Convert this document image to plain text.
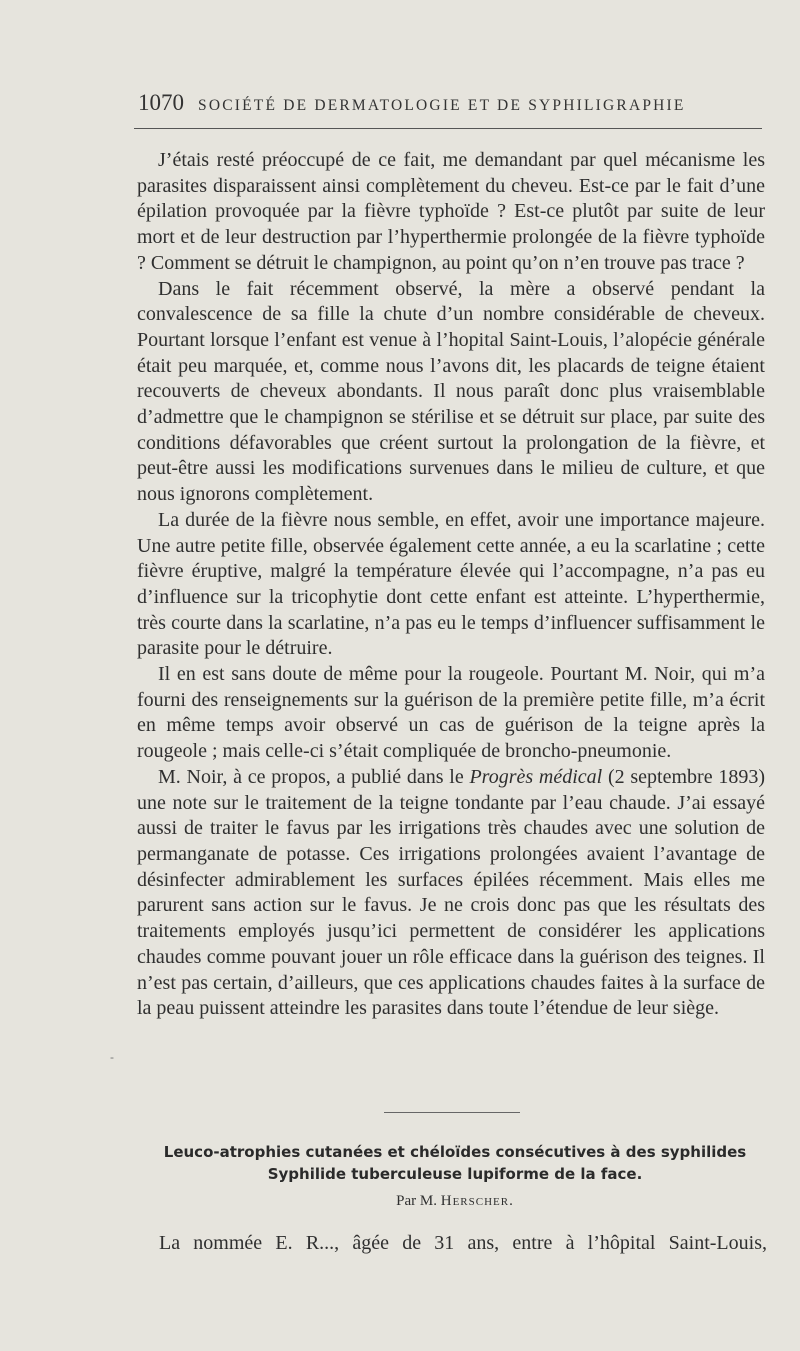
1070 SOCIÉTÉ DE DERMATOLOGIE ET DE SYPHILIGRAPHIE

J’étais resté préoccupé de ce fait, me demandant par quel mécanisme les parasites disparaissent ainsi complètement du cheveu. Est-ce par le fait d’une épilation provoquée par la fièvre typhoïde ? Est-ce plutôt par suite de leur mort et de leur destruction par l’hyperthermie prolongée de la fièvre typhoïde ? Comment se détruit le champignon, au point qu’on n’en trouve pas trace ?

Dans le fait récemment observé, la mère a observé pendant la convalescence de sa fille la chute d’un nombre considérable de cheveux. Pourtant lorsque l’enfant est venue à l’hopital Saint-Louis, l’alopécie générale était peu marquée, et, comme nous l’avons dit, les placards de teigne étaient recouverts de cheveux abondants. Il nous paraît donc plus vraisemblable d’admettre que le champignon se stérilise et se détruit sur place, par suite des conditions défavorables que créent surtout la prolongation de la fièvre, et peut-être aussi les modifications survenues dans le milieu de culture, et que nous ignorons complètement.

La durée de la fièvre nous semble, en effet, avoir une importance majeure. Une autre petite fille, observée également cette année, a eu la scarlatine ; cette fièvre éruptive, malgré la température élevée qui l’accompagne, n’a pas eu d’influence sur la tricophytie dont cette enfant est atteinte. L’hyperthermie, très courte dans la scarlatine, n’a pas eu le temps d’influencer suffisamment le parasite pour le détruire.

Il en est sans doute de même pour la rougeole. Pourtant M. Noir, qui m’a fourni des renseignements sur la guérison de la première petite fille, m’a écrit en même temps avoir observé un cas de guérison de la teigne après la rougeole ; mais celle-ci s’était compliquée de broncho-pneumonie.

M. Noir, à ce propos, a publié dans le Progrès médical (2 septembre 1893) une note sur le traitement de la teigne tondante par l’eau chaude. J’ai essayé aussi de traiter le favus par les irrigations très chaudes avec une solution de permanganate de potasse. Ces irrigations prolongées avaient l’avantage de désinfecter admirablement les surfaces épilées récemment. Mais elles me parurent sans action sur le favus. Je ne crois donc pas que les résultats des traitements employés jusqu’ici permettent de considérer les applications chaudes comme pouvant jouer un rôle efficace dans la guérison des teignes. Il n’est pas certain, d’ailleurs, que ces applications chaudes faites à la surface de la peau puissent atteindre les parasites dans toute l’étendue de leur siège.

-
Leuco-atrophies cutanées et chéloïdes consécutives à des syphilides
Syphilide tuberculeuse lupiforme de la face.
Par M. Herscher.
La nommée E. R..., âgée de 31 ans, entre à l’hôpital Saint-Louis,
